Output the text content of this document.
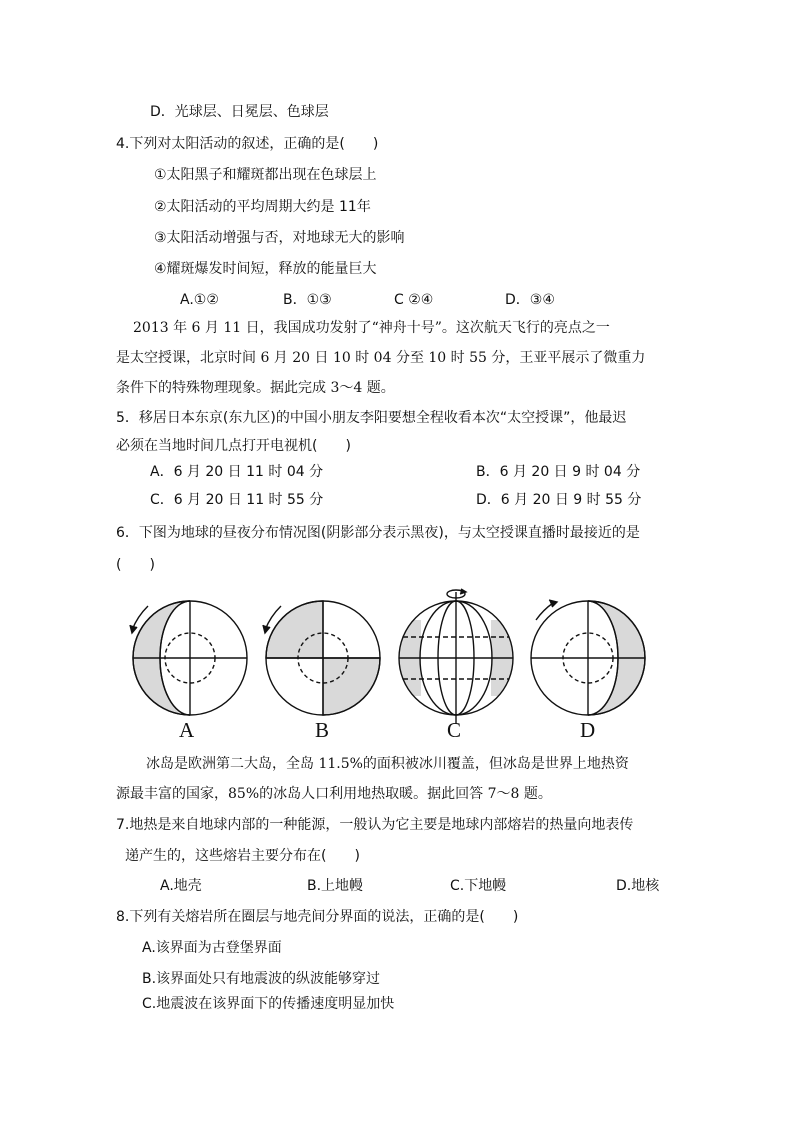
D．光球层、日冕层、色球层
4.下列对太阳活动的叙述，正确的是(　　)
①太阳黑子和耀斑都出现在色球层上
②太阳活动的平均周期大约是 11年
③太阳活动增强与否，对地球无大的影响
④耀斑爆发时间短，释放的能量巨大
A.①②	B．①③	C ②④	D．③④
2013 年 6 月 11 日，我国成功发射了“神舟十号”。这次航天飞行的亮点之一
是太空授课，北京时间 6 月 20 日 10 时 04 分至 10 时 55 分，王亚平展示了微重力
条件下的特殊物理现象。据此完成 3～4 题。
5．移居日本东京(东九区)的中国小朋友李阳要想全程收看本次“太空授课”，他最迟
必须在当地时间几点打开电视机(　　)
A．6 月 20 日 11 时 04 分	B．6 月 20 日 9 时 04 分
C．6 月 20 日 11 时 55 分	D．6 月 20 日 9 时 55 分
6．下图为地球的昼夜分布情况图(阴影部分表示黑夜)，与太空授课直播时最接近的是
(　　)
A	B	C	D
冰岛是欧洲第二大岛，全岛 11.5%的面积被冰川覆盖，但冰岛是世界上地热资
源最丰富的国家，85%的冰岛人口利用地热取暖。据此回答 7～8 题。
7.地热是来自地球内部的一种能源，一般认为它主要是地球内部熔岩的热量向地表传
递产生的，这些熔岩主要分布在(　　)
A.地壳	B.上地幔	C.下地幔	D.地核
8.下列有关熔岩所在圈层与地壳间分界面的说法，正确的是(　　)
A.该界面为古登堡界面
B.该界面处只有地震波的纵波能够穿过
C.地震波在该界面下的传播速度明显加快
